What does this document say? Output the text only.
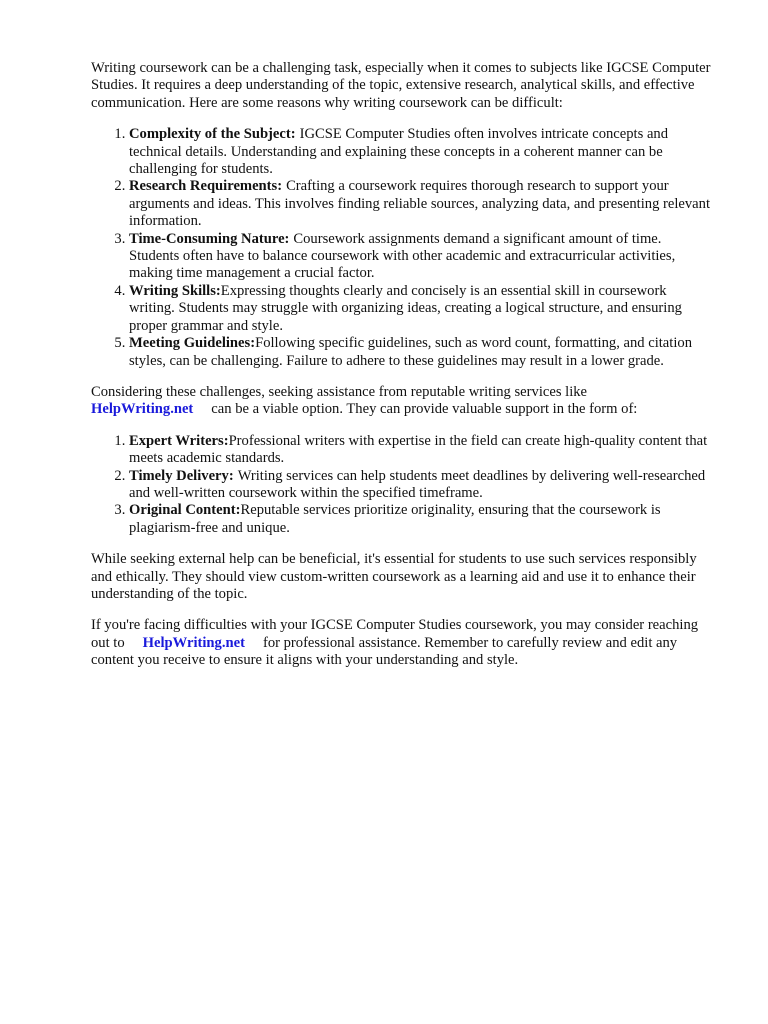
Writing coursework can be a challenging task, especially when it comes to subjects like IGCSE Computer Studies. It requires a deep understanding of the topic, extensive research, analytical skills, and effective communication. Here are some reasons why writing coursework can be difficult:

1. Complexity of the Subject: IGCSE Computer Studies often involves intricate concepts and technical details. Understanding and explaining these concepts in a coherent manner can be challenging for students.
2. Research Requirements: Crafting a coursework requires thorough research to support your arguments and ideas. This involves finding reliable sources, analyzing data, and presenting relevant information.
3. Time-Consuming Nature: Coursework assignments demand a significant amount of time. Students often have to balance coursework with other academic and extracurricular activities, making time management a crucial factor.
4. Writing Skills:Expressing thoughts clearly and concisely is an essential skill in coursework writing. Students may struggle with organizing ideas, creating a logical structure, and ensuring proper grammar and style.
5. Meeting Guidelines:Following specific guidelines, such as word count, formatting, and citation styles, can be challenging. Failure to adhere to these guidelines may result in a lower grade.

Considering these challenges, seeking assistance from reputable writing services like
HelpWriting.net can be a viable option. They can provide valuable support in the form of:

1. Expert Writers:Professional writers with expertise in the field can create high-quality content that meets academic standards.
2. Timely Delivery: Writing services can help students meet deadlines by delivering well-researched and well-written coursework within the specified timeframe.
3. Original Content:Reputable services prioritize originality, ensuring that the coursework is plagiarism-free and unique.

While seeking external help can be beneficial, it's essential for students to use such services responsibly and ethically. They should view custom-written coursework as a learning aid and use it to enhance their understanding of the topic.

If you're facing difficulties with your IGCSE Computer Studies coursework, you may consider reaching out to HelpWriting.net for professional assistance. Remember to carefully review and edit any content you receive to ensure it aligns with your understanding and style.
